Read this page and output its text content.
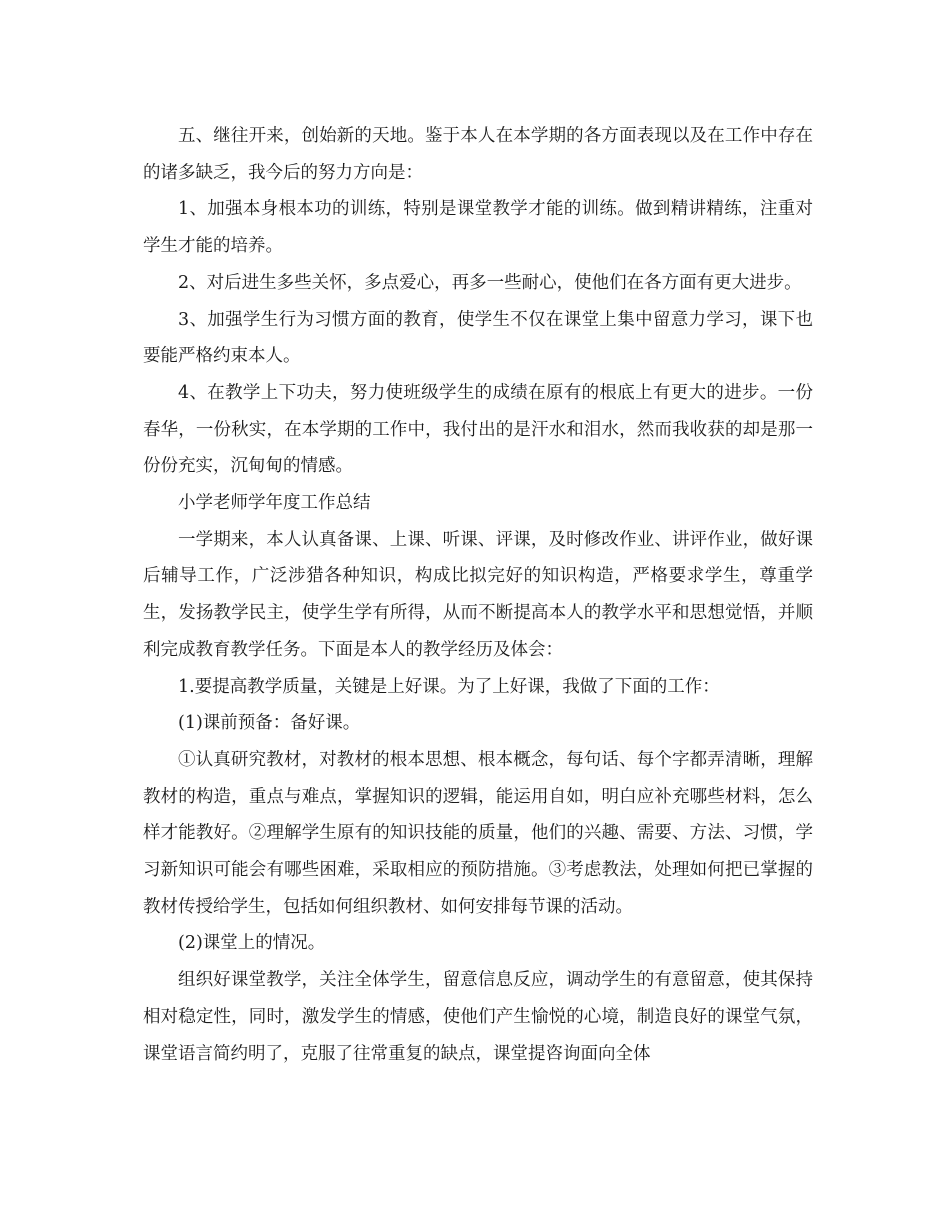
五、继往开来，创始新的天地。鉴于本人在本学期的各方面表现以及在工作中存在的诸多缺乏，我今后的努力方向是：

1、加强本身根本功的训练，特别是课堂教学才能的训练。做到精讲精练，注重对学生才能的培养。

2、对后进生多些关怀，多点爱心，再多一些耐心，使他们在各方面有更大进步。

3、加强学生行为习惯方面的教育，使学生不仅在课堂上集中留意力学习，课下也要能严格约束本人。

4、在教学上下功夫，努力使班级学生的成绩在原有的根底上有更大的进步。一份春华，一份秋实，在本学期的工作中，我付出的是汗水和泪水，然而我收获的却是那一份份充实，沉甸甸的情感。

小学老师学年度工作总结

一学期来，本人认真备课、上课、听课、评课，及时修改作业、讲评作业，做好课后辅导工作，广泛涉猎各种知识，构成比拟完好的知识构造，严格要求学生，尊重学生，发扬教学民主，使学生学有所得，从而不断提高本人的教学水平和思想觉悟，并顺利完成教育教学任务。下面是本人的教学经历及体会：

1.要提高教学质量，关键是上好课。为了上好课，我做了下面的工作：

(1)课前预备：备好课。

①认真研究教材，对教材的根本思想、根本概念，每句话、每个字都弄清晰，理解教材的构造，重点与难点，掌握知识的逻辑，能运用自如，明白应补充哪些材料，怎么样才能教好。②理解学生原有的知识技能的质量，他们的兴趣、需要、方法、习惯，学习新知识可能会有哪些困难，采取相应的预防措施。③考虑教法，处理如何把已掌握的教材传授给学生，包括如何组织教材、如何安排每节课的活动。

(2)课堂上的情况。

组织好课堂教学，关注全体学生，留意信息反应，调动学生的有意留意，使其保持相对稳定性，同时，激发学生的情感，使他们产生愉悦的心境，制造良好的课堂气氛，课堂语言简约明了，克服了往常重复的缺点，课堂提咨询面向全体
